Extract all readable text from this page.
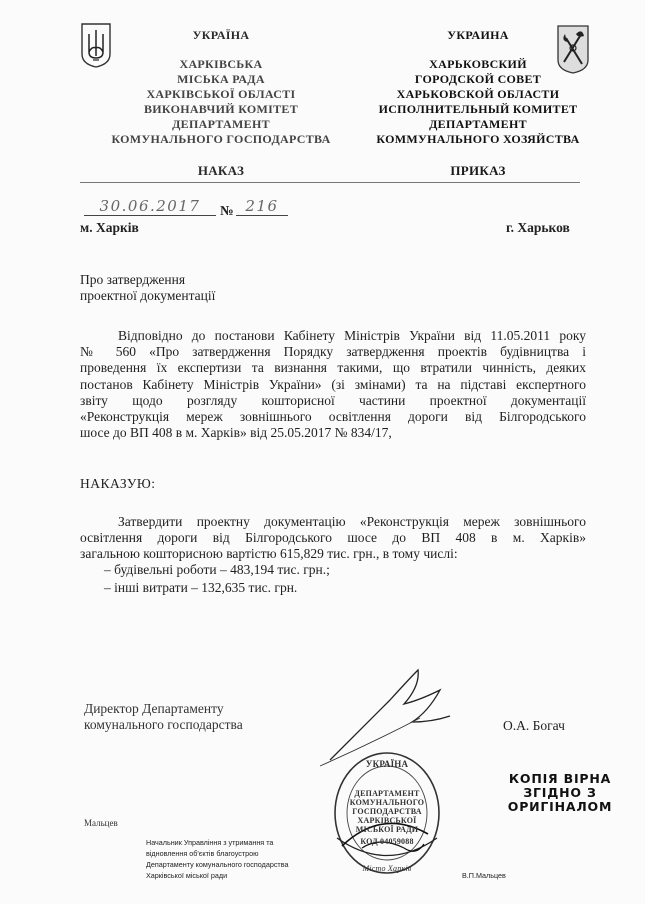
УКРАЇНА
ХАРКІВСЬКА
МІСЬКА РАДА
ХАРКІВСЬКОЇ ОБЛАСТІ
ВИКОНАВЧИЙ КОМІТЕТ
ДЕПАРТАМЕНТ
КОМУНАЛЬНОГО ГОСПОДАРСТВА
УКРАИНА
ХАРЬКОВСКИЙ
ГОРОДСКОЙ СОВЕТ
ХАРЬКОВСКОЙ ОБЛАСТИ
ИСПОЛНИТЕЛЬНЫЙ КОМИТЕТ
ДЕПАРТАМЕНТ
КОММУНАЛЬНОГО ХОЗЯЙСТВА
НАКАЗ	ПРИКАЗ
30.06.2017	№ 216
м. Харків	г. Харьков
Про затвердження
проектної документації
Відповідно до постанови Кабінету Міністрів України від 11.05.2011 року
№ 560 «Про затвердження Порядку затвердження проектів будівництва і
проведення їх експертизи та визнання такими, що втратили чинність, деяких
постанов Кабінету Міністрів України» (зі змінами) та на підставі експертного
звіту щодо розгляду кошторисної частини проектної документації
«Реконструкція мереж зовнішнього освітлення дороги від Білгородського
шосе до ВП 408 в м. Харків» від 25.05.2017 № 834/17,
НАКАЗУЮ:
Затвердити проектну документацію «Реконструкція мереж зовнішнього
освітлення дороги від Білгородського шосе до ВП 408 в м. Харків»
загальною кошторисною вартістю 615,829 тис. грн., в тому числі:
– будівельні роботи – 483,194 тис. грн.;
– інші витрати – 132,635 тис. грн.
Директор Департаменту
комунального господарства	О.А. Богач
УКРАЇНА
ДЕПАРТАМЕНТ
КОМУНАЛЬНОГО
ГОСПОДАРСТВА
ХАРКІВСЬКОЇ
МІСЬКОЇ РАДИ
КОД 04059088
Місто Харків
КОПІЯ ВІРНА
ЗГІДНО З
ОРИГІНАЛОМ
Мальцев
Начальник Управління з утримання та
відновлення об'єктів благоустрою
Департаменту комунального господарства
Харківської міської ради	В.П.Мальцев
